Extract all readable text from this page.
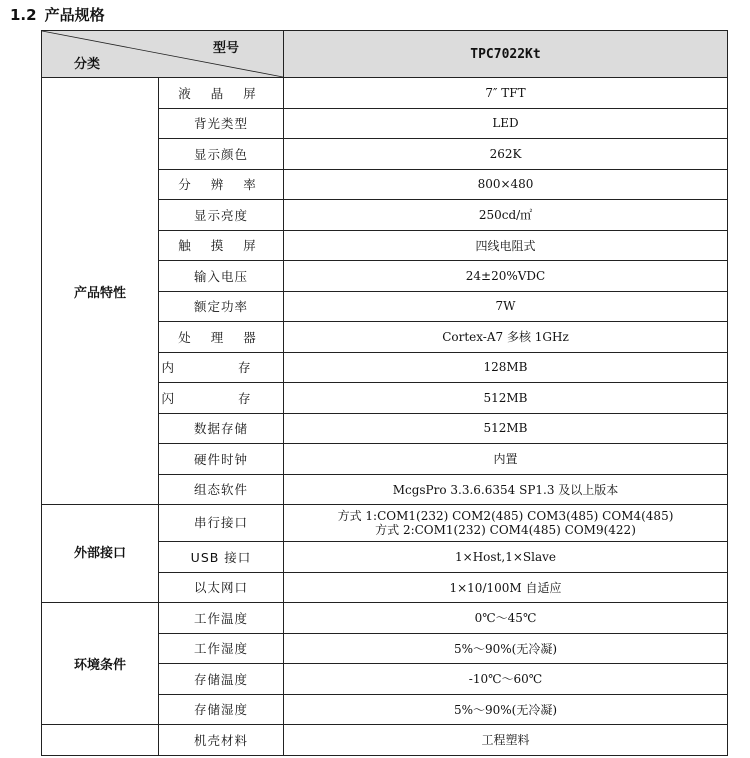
1.2 产品规格
型号
分类		TPC7022Kt
产品特性	液 晶 屏	7″ TFT
	背光类型	LED
	显示颜色	262K
	分 辨 率	800×480
	显示亮度	250cd/㎡
	触 摸 屏	四线电阻式
	输入电压	24±20%VDC
	额定功率	7W
	处 理 器	Cortex-A7 多核 1GHz
	内 存	128MB
	闪 存	512MB
	数据存储	512MB
	硬件时钟	内置
	组态软件	McgsPro 3.3.6.6354 SP1.3 及以上版本
外部接口	串行接口	方式 1:COM1(232) COM2(485) COM3(485) COM4(485)
方式 2:COM1(232) COM4(485) COM9(422)

	USB 接口	1×Host,1×Slave
	以太网口	1×10/100M 自适应
环境条件	工作温度	0℃～45℃
	工作湿度	5%～90%(无冷凝)
	存储温度	-10℃～60℃
	存储湿度	5%～90%(无冷凝)
	机壳材料	工程塑料
